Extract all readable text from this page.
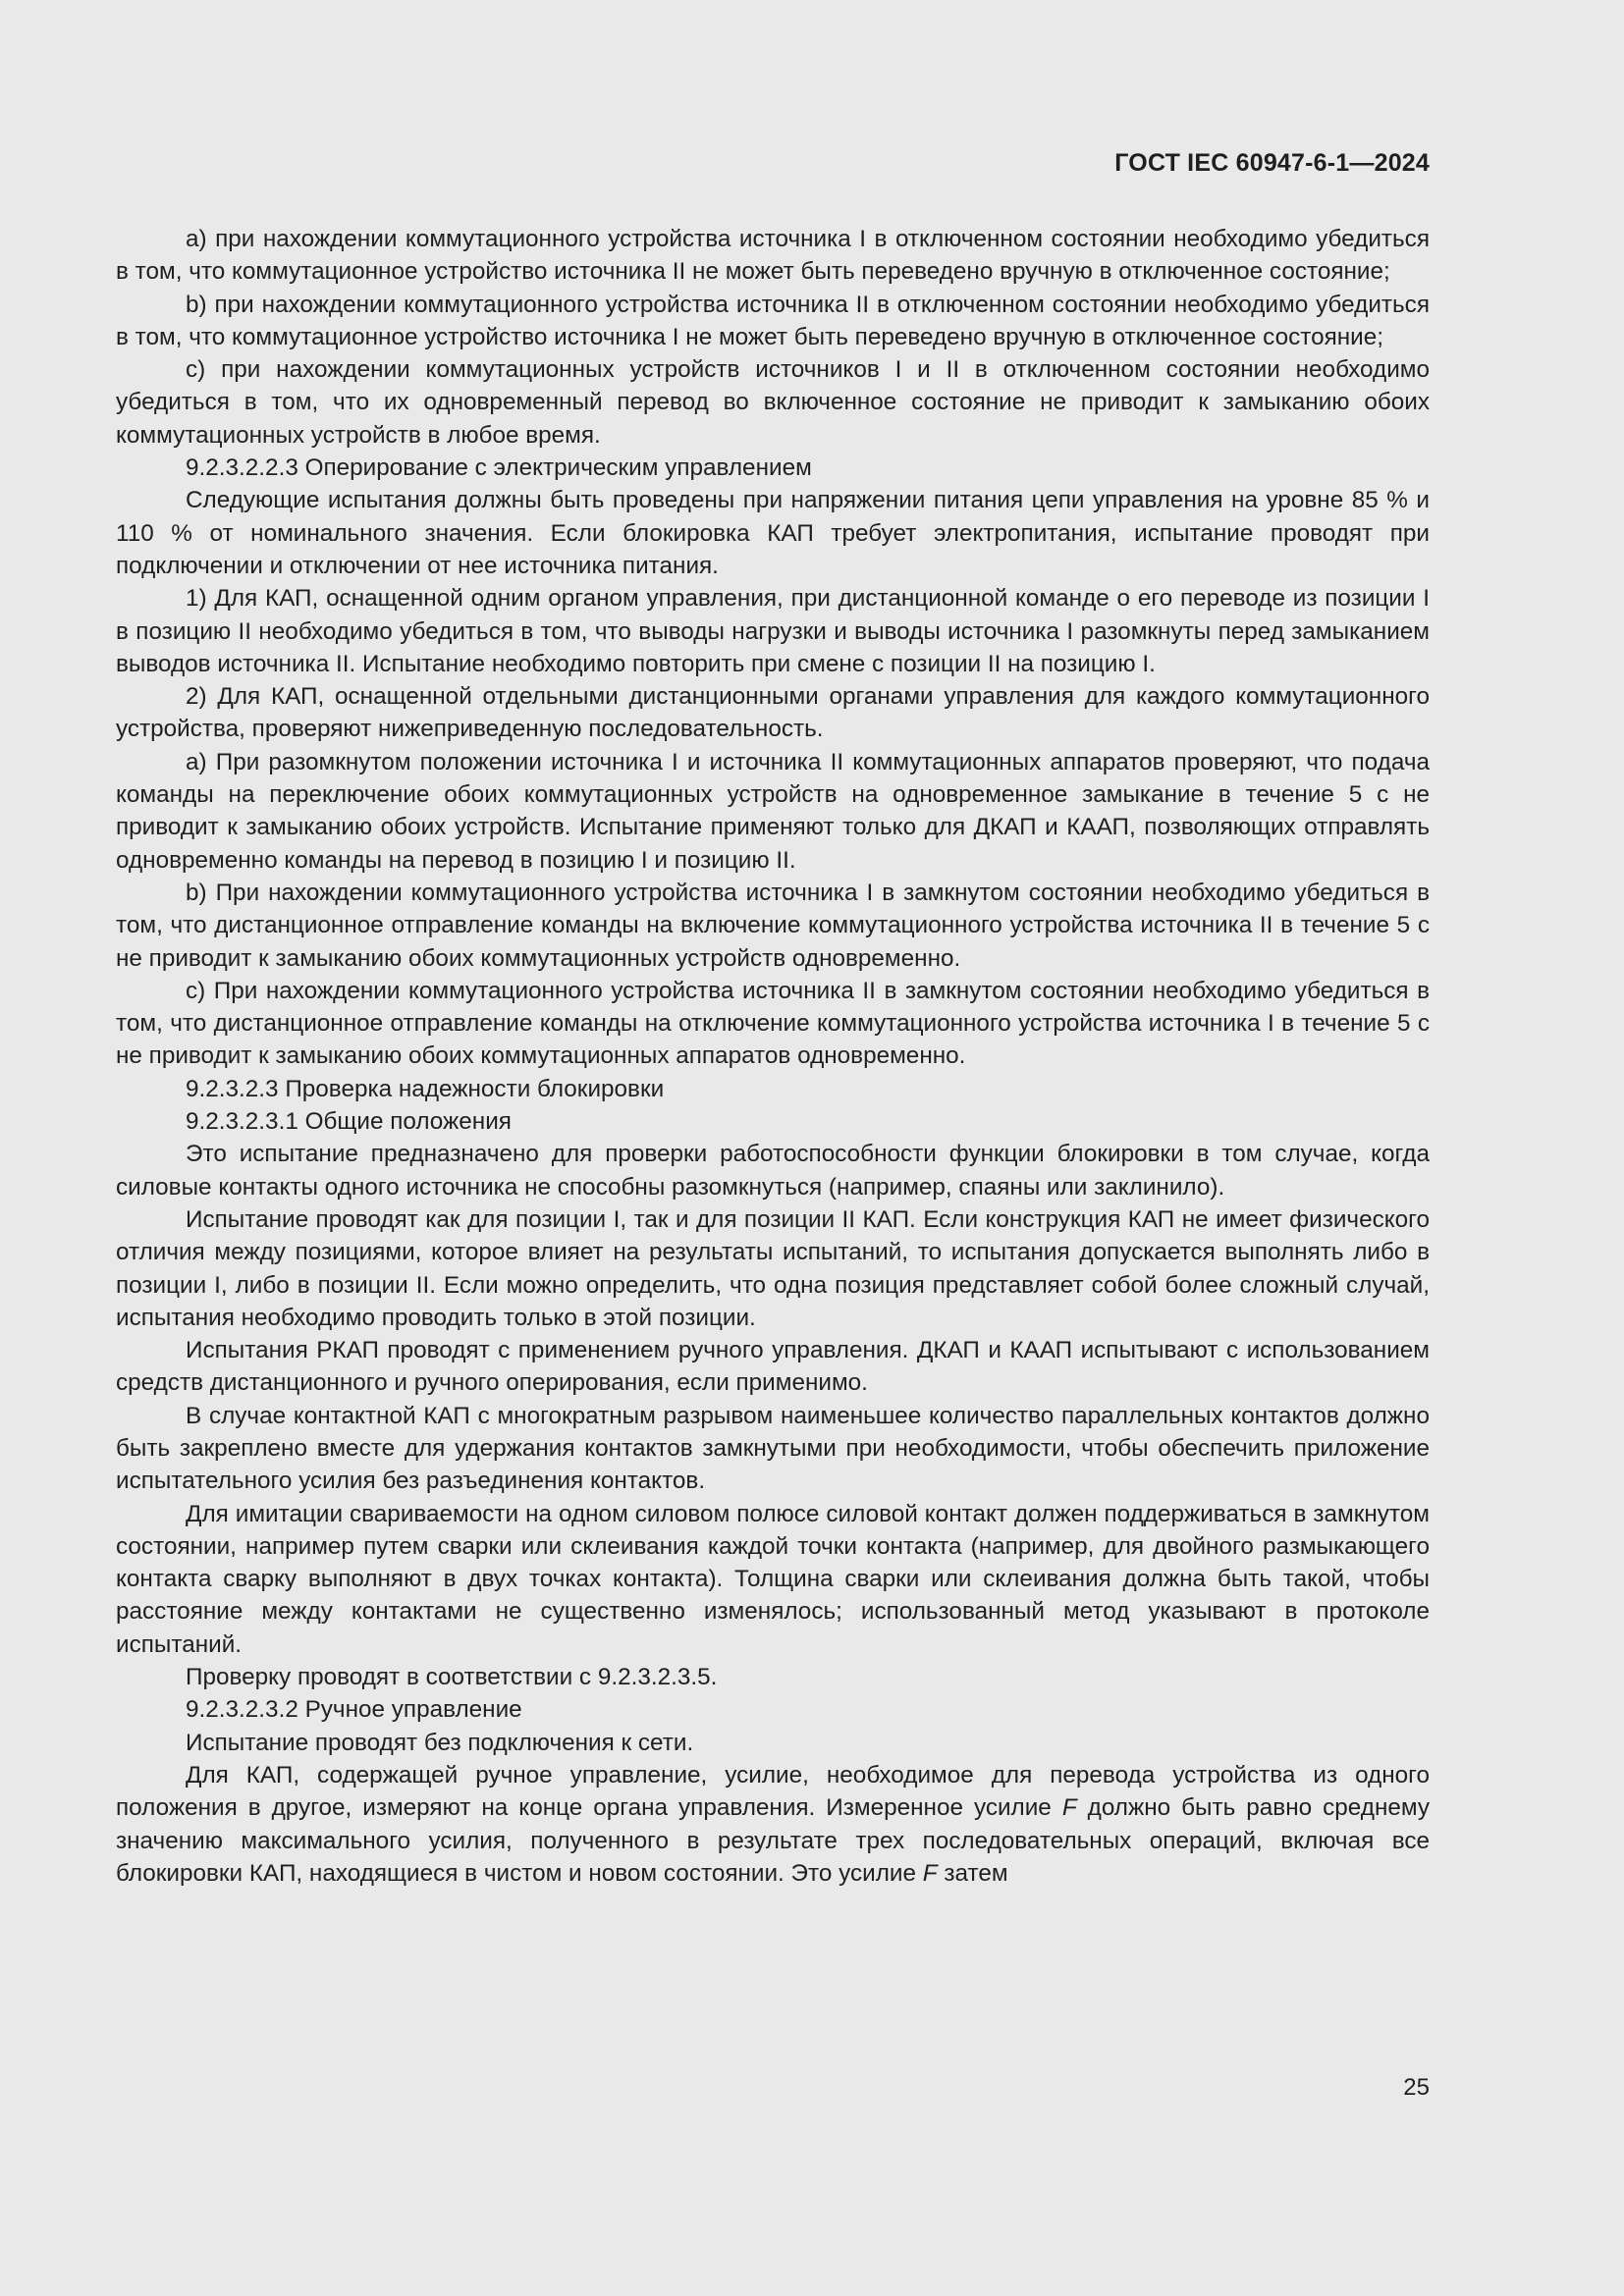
ГОСТ IEC 60947-6-1—2024

a) при нахождении коммутационного устройства источника I в отключенном состоянии необходимо убедиться в том, что коммутационное устройство источника II не может быть переведено вручную в отключенное состояние;

b) при нахождении коммутационного устройства источника II в отключенном состоянии необходимо убедиться в том, что коммутационное устройство источника I не может быть переведено вручную в отключенное состояние;

c) при нахождении коммутационных устройств источников I и II в отключенном состоянии необходимо убедиться в том, что их одновременный перевод во включенное состояние не приводит к замыканию обоих коммутационных устройств в любое время.

9.2.3.2.2.3 Оперирование с электрическим управлением

Следующие испытания должны быть проведены при напряжении питания цепи управления на уровне 85 % и 110 % от номинального значения. Если блокировка КАП требует электропитания, испытание проводят при подключении и отключении от нее источника питания.

1) Для КАП, оснащенной одним органом управления, при дистанционной команде о его переводе из позиции I в позицию II необходимо убедиться в том, что выводы нагрузки и выводы источника I разомкнуты перед замыканием выводов источника II. Испытание необходимо повторить при смене с позиции II на позицию I.

2) Для КАП, оснащенной отдельными дистанционными органами управления для каждого коммутационного устройства, проверяют нижеприведенную последовательность.

a) При разомкнутом положении источника I и источника II коммутационных аппаратов проверяют, что подача команды на переключение обоих коммутационных устройств на одновременное замыкание в течение 5 с не приводит к замыканию обоих устройств. Испытание применяют только для ДКАП и КААП, позволяющих отправлять одновременно команды на перевод в позицию I и позицию II.

b) При нахождении коммутационного устройства источника I в замкнутом состоянии необходимо убедиться в том, что дистанционное отправление команды на включение коммутационного устройства источника II в течение 5 с не приводит к замыканию обоих коммутационных устройств одновременно.

c) При нахождении коммутационного устройства источника II в замкнутом состоянии необходимо убедиться в том, что дистанционное отправление команды на отключение коммутационного устройства источника I в течение 5 с не приводит к замыканию обоих коммутационных аппаратов одновременно.

9.2.3.2.3 Проверка надежности блокировки

9.2.3.2.3.1 Общие положения

Это испытание предназначено для проверки работоспособности функции блокировки в том случае, когда силовые контакты одного источника не способны разомкнуться (например, спаяны или заклинило).

Испытание проводят как для позиции I, так и для позиции II КАП. Если конструкция КАП не имеет физического отличия между позициями, которое влияет на результаты испытаний, то испытания допускается выполнять либо в позиции I, либо в позиции II. Если можно определить, что одна позиция представляет собой более сложный случай, испытания необходимо проводить только в этой позиции.

Испытания РКАП проводят с применением ручного управления. ДКАП и КААП испытывают с использованием средств дистанционного и ручного оперирования, если применимо.

В случае контактной КАП с многократным разрывом наименьшее количество параллельных контактов должно быть закреплено вместе для удержания контактов замкнутыми при необходимости, чтобы обеспечить приложение испытательного усилия без разъединения контактов.

Для имитации свариваемости на одном силовом полюсе силовой контакт должен поддерживаться в замкнутом состоянии, например путем сварки или склеивания каждой точки контакта (например, для двойного размыкающего контакта сварку выполняют в двух точках контакта). Толщина сварки или склеивания должна быть такой, чтобы расстояние между контактами не существенно изменялось; использованный метод указывают в протоколе испытаний.

Проверку проводят в соответствии с 9.2.3.2.3.5.

9.2.3.2.3.2 Ручное управление

Испытание проводят без подключения к сети.

Для КАП, содержащей ручное управление, усилие, необходимое для перевода устройства из одного положения в другое, измеряют на конце органа управления. Измеренное усилие F должно быть равно среднему значению максимального усилия, полученного в результате трех последовательных операций, включая все блокировки КАП, находящиеся в чистом и новом состоянии. Это усилие F затем

25
